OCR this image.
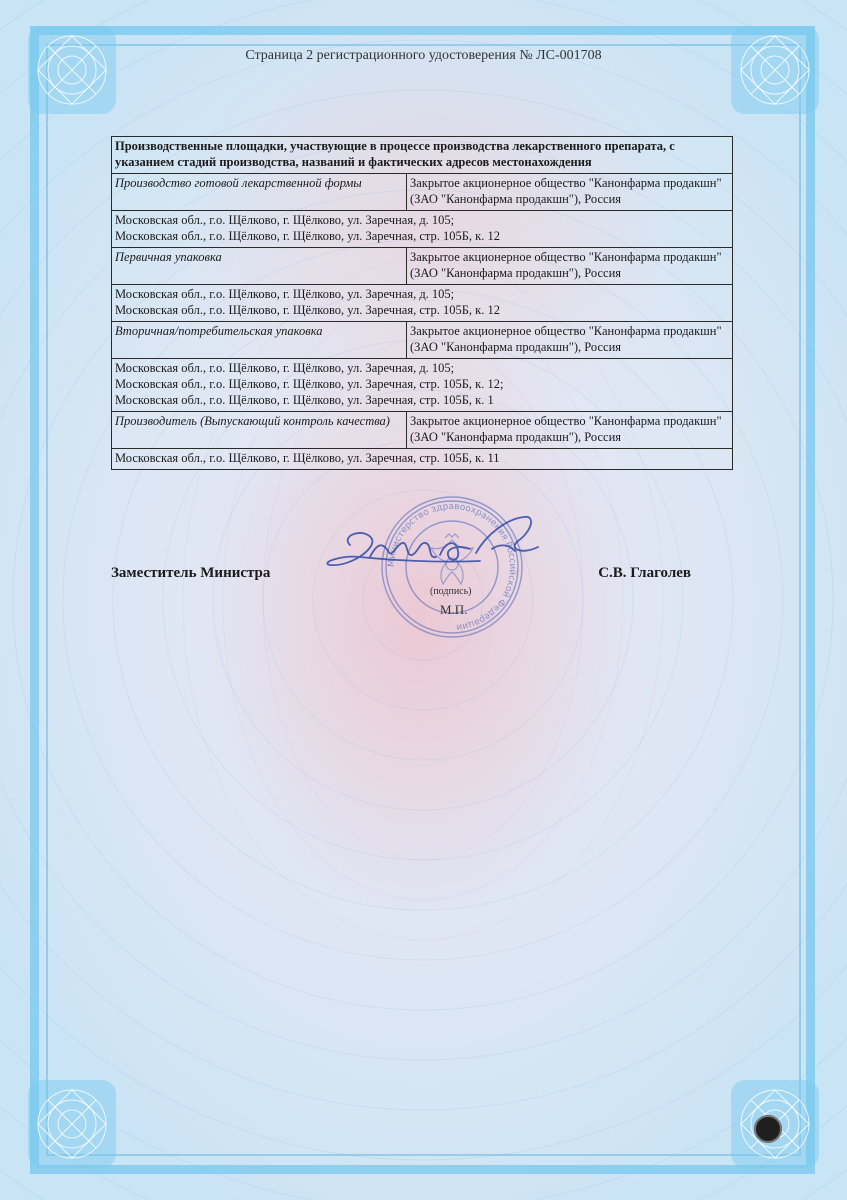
Страница 2 регистрационного удостоверения № ЛС-001708
Производственные площадки, участвующие в процессе производства лекарственного препарата, с указанием стадий производства, названий и фактических адресов местонахождения	
Производство готовой лекарственной формы	Закрытое акционерное общество "Канонфарма продакшн" (ЗАО "Канонфарма продакшн"), Россия

Московская обл., г.о. Щёлково, г. Щёлково, ул. Заречная, д. 105;
Московская обл., г.о. Щёлково, г. Щёлково, ул. Заречная, стр. 105Б, к. 12	

Первичная упаковка	Закрытое акционерное общество "Канонфарма продакшн" (ЗАО "Канонфарма продакшн"), Россия

Московская обл., г.о. Щёлково, г. Щёлково, ул. Заречная, д. 105;
Московская обл., г.о. Щёлково, г. Щёлково, ул. Заречная, стр. 105Б, к. 12	

Вторичная/потребительская упаковка	Закрытое акционерное общество "Канонфарма продакшн" (ЗАО "Канонфарма продакшн"), Россия

Московская обл., г.о. Щёлково, г. Щёлково, ул. Заречная, д. 105;
Московская обл., г.о. Щёлково, г. Щёлково, ул. Заречная, стр. 105Б, к. 12;
Московская обл., г.о. Щёлково, г. Щёлково, ул. Заречная, стр. 105Б, к. 1	

Производитель (Выпускающий контроль качества)	Закрытое акционерное общество "Канонфарма продакшн" (ЗАО "Канонфарма продакшн"), Россия

Московская обл., г.о. Щёлково, г. Щёлково, ул. Заречная, стр. 105Б, к. 11	
Министерство здравоохранения Российской Федерации
Заместитель Министра	С.В. Глаголев
(подпись)
М.П.
